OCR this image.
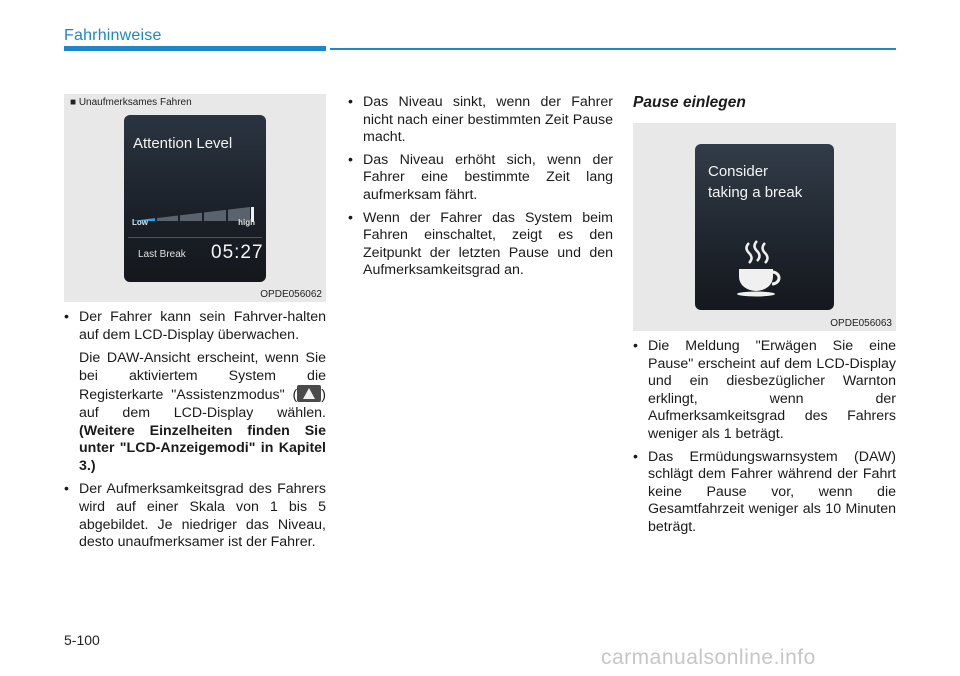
Fahrhinweise
■ Unaufmerksames Fahren
Attention Level
Low	high
Last Break 05:27
OPDE056062
• Der Fahrer kann sein Fahrver-halten auf dem LCD-Display überwachen.
Die DAW-Ansicht erscheint, wenn Sie bei aktiviertem System die Registerkarte "Assistenzmodus" ( ) auf dem LCD-Display wählen. (Weitere Einzelheiten finden Sie unter "LCD-Anzeigemodi" in Kapitel 3.)
• Der Aufmerksamkeitsgrad des Fahrers wird auf einer Skala von 1 bis 5 abgebildet. Je niedriger das Niveau, desto unaufmerksamer ist der Fahrer.
• Das Niveau sinkt, wenn der Fahrer nicht nach einer bestimmten Zeit Pause macht.
• Das Niveau erhöht sich, wenn der Fahrer eine bestimmte Zeit lang aufmerksam fährt.
• Wenn der Fahrer das System beim Fahren einschaltet, zeigt es den Zeitpunkt der letzten Pause und den Aufmerksamkeitsgrad an.
Pause einlegen
Consider
taking a break
OPDE056063
• Die Meldung "Erwägen Sie eine Pause" erscheint auf dem LCD-Display und ein diesbezüglicher Warnton erklingt, wenn der Aufmerksamkeitsgrad des Fahrers weniger als 1 beträgt.
• Das Ermüdungswarnsystem (DAW) schlägt dem Fahrer während der Fahrt keine Pause vor, wenn die Gesamtfahrzeit weniger als 10 Minuten beträgt.
5-100
carmanualsonline.info
